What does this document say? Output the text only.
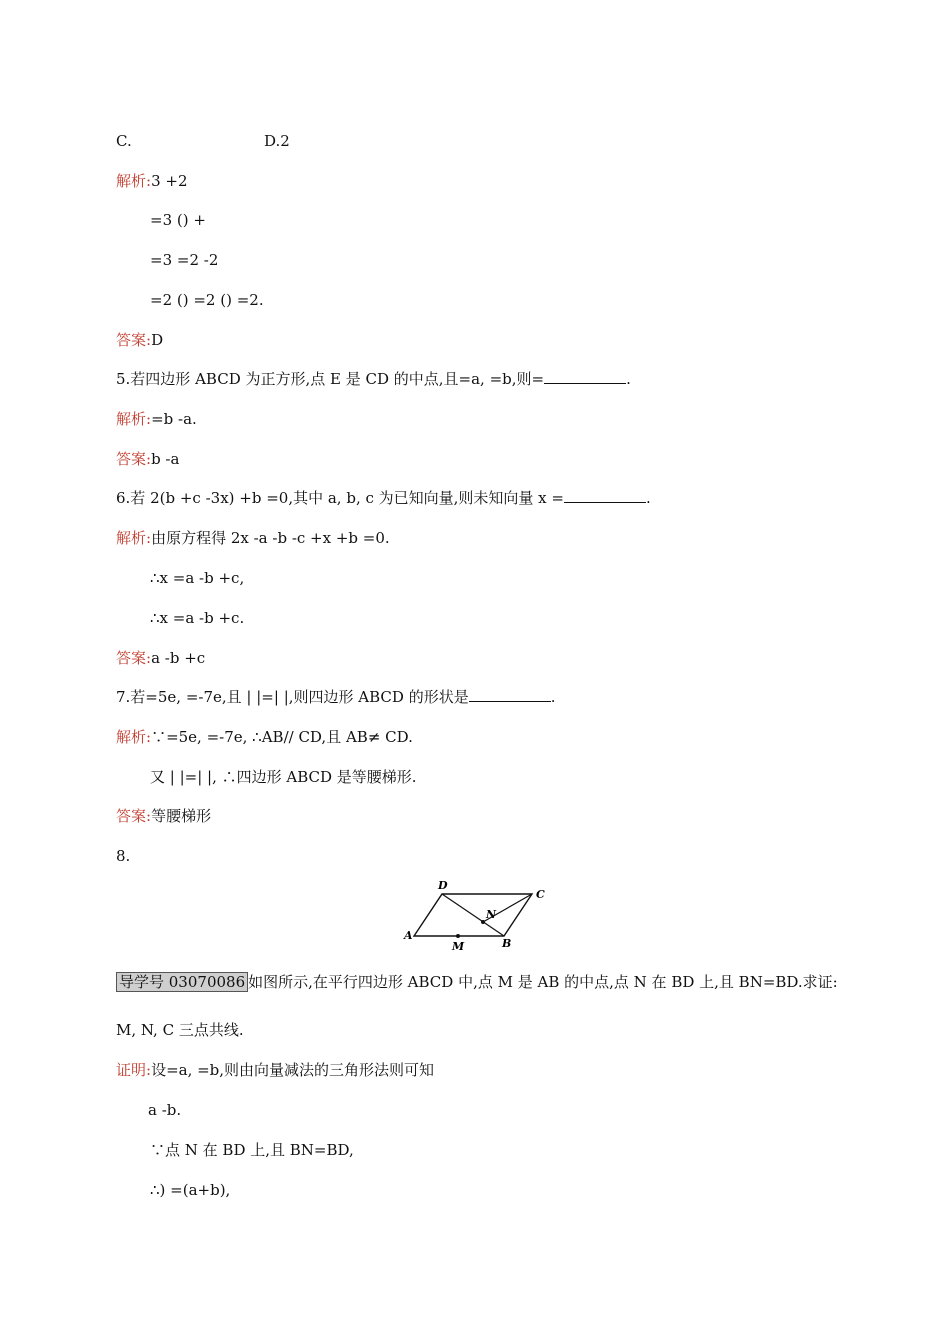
C.	D.2
解析:3 +2
=3 () +
=3 =2 -2
=2 () =2 () =2.
答案:D
5.若四边形 ABCD 为正方形,点 E 是 CD 的中点,且=a, =b,则=	.
解析:=b -a.
答案:b -a
6.若 2(b +c -3x) +b =0,其中 a, b, c 为已知向量,则未知向量 x =	.
解析:由原方程得 2x -a -b -c +x +b =0.
∴x =a -b +c,
∴x =a -b +c.
答案:a -b +c
7.若=5e, =-7e,且 | |=| |,则四边形 ABCD 的形状是	.
解析:∵=5e, =-7e, ∴AB// CD,且 AB≠ CD.
又 | |=| |, ∴四边形 ABCD 是等腰梯形.
答案:等腰梯形
8.
A
B
C
D
M
N
导学号 03070086 如图所示,在平行四边形 ABCD 中,点 M 是 AB 的中点,点 N 在 BD 上,且 BN=BD.求证:
M, N, C 三点共线.
证明:设=a, =b,则由向量减法的三角形法则可知
a -b.
∵点 N 在 BD 上,且 BN=BD,
∴) =(a+b),
